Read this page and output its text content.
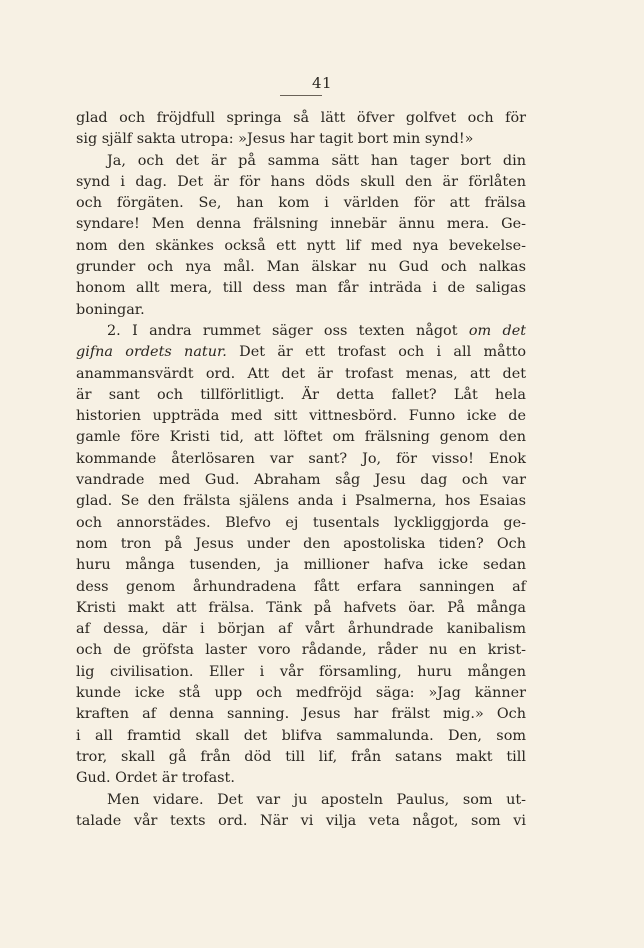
41
glad och fröjdfull springa så lätt öfver golfvet och för
sig själf sakta utropa: »Jesus har tagit bort min synd!»
Ja, och det är på samma sätt han tager bort din
synd i dag. Det är för hans döds skull den är förlåten
och förgäten. Se, han kom i världen för att frälsa
syndare! Men denna frälsning innebär ännu mera. Ge-
nom den skänkes också ett nytt lif med nya bevekelse-
grunder och nya mål. Man älskar nu Gud och nalkas
honom allt mera, till dess man får inträda i de saligas
boningar.
2. I andra rummet säger oss texten något om det
gifna ordets natur. Det är ett trofast och i all måtto
anammansvärdt ord. Att det är trofast menas, att det
är sant och tillförlitligt. Är detta fallet? Låt hela
historien uppträda med sitt vittnesbörd. Funno icke de
gamle före Kristi tid, att löftet om frälsning genom den
kommande återlösaren var sant? Jo, för visso! Enok
vandrade med Gud. Abraham såg Jesu dag och var
glad. Se den frälsta själens anda i Psalmerna, hos Esaias
och annorstädes. Blefvo ej tusentals lyckliggjorda ge-
nom tron på Jesus under den apostoliska tiden? Och
huru många tusenden, ja millioner hafva icke sedan
dess genom århundradena fått erfara sanningen af
Kristi makt att frälsa. Tänk på hafvets öar. På många
af dessa, där i början af vårt århundrade kanibalism
och de gröfsta laster voro rådande, råder nu en krist-
lig civilisation. Eller i vår församling, huru mången
kunde icke stå upp och medfröjd säga: »Jag känner
kraften af denna sanning. Jesus har frälst mig.» Och
i all framtid skall det blifva sammalunda. Den, som
tror, skall gå från död till lif, från satans makt till
Gud. Ordet är trofast.
Men vidare. Det var ju aposteln Paulus, som ut-
talade vår texts ord. När vi vilja veta något, som vi
